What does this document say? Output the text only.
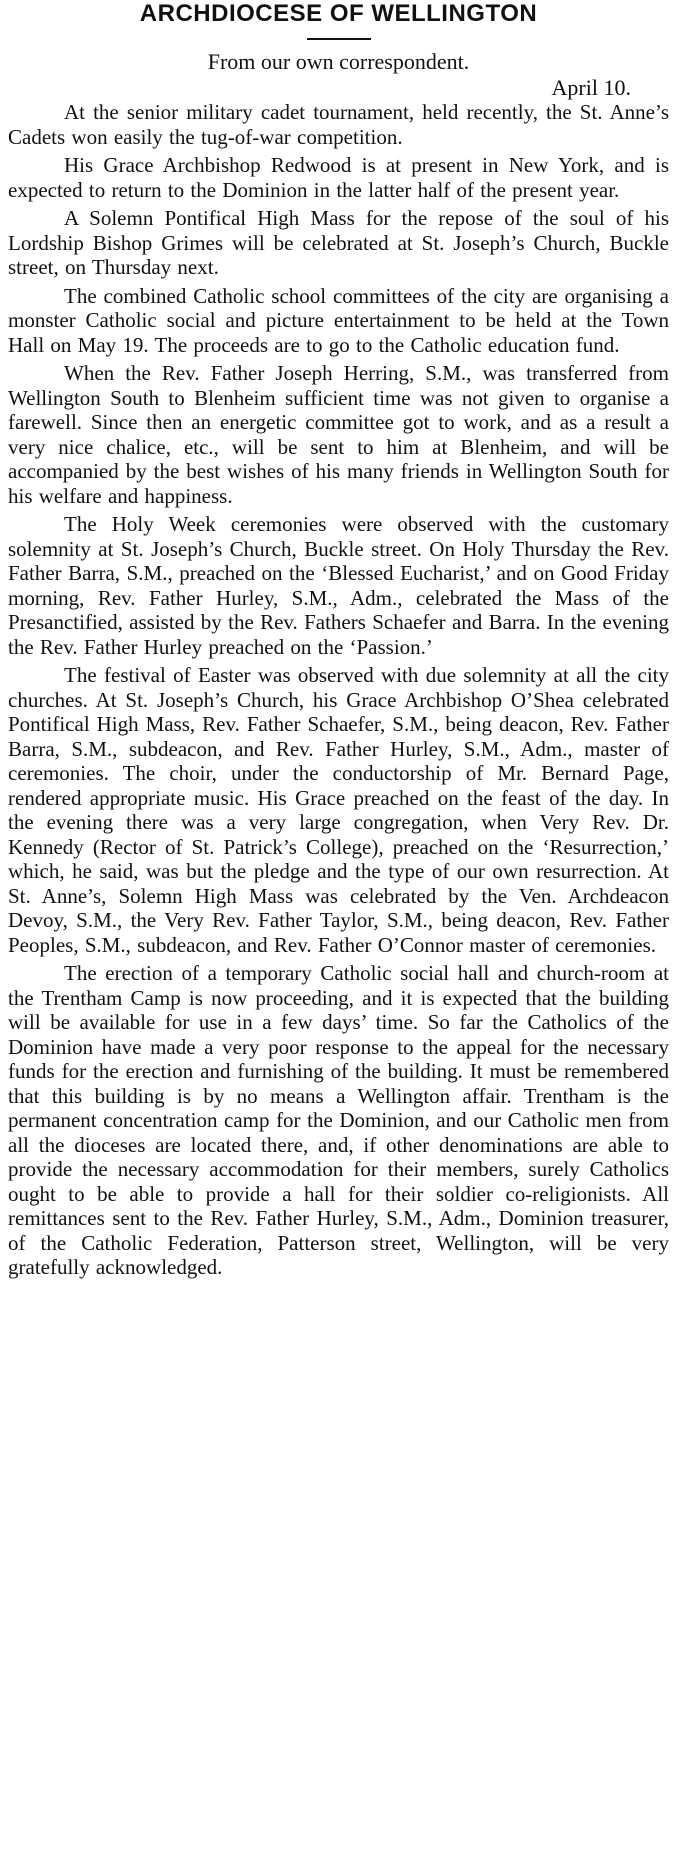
ARCHDIOCESE OF WELLINGTON
From our own correspondent.
April 10.

At the senior military cadet tournament, held recently, the St. Anne’s Cadets won easily the tug-of-war competition.

His Grace Archbishop Redwood is at present in New York, and is expected to return to the Dominion in the latter half of the present year.

A Solemn Pontifical High Mass for the repose of the soul of his Lordship Bishop Grimes will be celebrated at St. Joseph’s Church, Buckle street, on Thursday next.

The combined Catholic school committees of the city are organising a monster Catholic social and picture entertainment to be held at the Town Hall on May 19. The proceeds are to go to the Catholic education fund.

When the Rev. Father Joseph Herring, S.M., was transferred from Wellington South to Blenheim sufficient time was not given to organise a farewell. Since then an energetic committee got to work, and as a result a very nice chalice, etc., will be sent to him at Blenheim, and will be accompanied by the best wishes of his many friends in Wellington South for his welfare and happiness.

The Holy Week ceremonies were observed with the customary solemnity at St. Joseph’s Church, Buckle street. On Holy Thursday the Rev. Father Barra, S.M., preached on the ‘Blessed Eucharist,’ and on Good Friday morning, Rev. Father Hurley, S.M., Adm., celebrated the Mass of the Presanctified, assisted by the Rev. Fathers Schaefer and Barra. In the evening the Rev. Father Hurley preached on the ‘Passion.’

The festival of Easter was observed with due solemnity at all the city churches. At St. Joseph’s Church, his Grace Archbishop O’Shea celebrated Pontifical High Mass, Rev. Father Schaefer, S.M., being deacon, Rev. Father Barra, S.M., subdeacon, and Rev. Father Hurley, S.M., Adm., master of ceremonies. The choir, under the conductorship of Mr. Bernard Page, rendered appropriate music. His Grace preached on the feast of the day. In the evening there was a very large congregation, when Very Rev. Dr. Kennedy (Rector of St. Patrick’s College), preached on the ‘Resurrection,’ which, he said, was but the pledge and the type of our own resurrection. At St. Anne’s, Solemn High Mass was celebrated by the Ven. Archdeacon Devoy, S.M., the Very Rev. Father Taylor, S.M., being deacon, Rev. Father Peoples, S.M., subdeacon, and Rev. Father O’Connor master of ceremonies.

The erection of a temporary Catholic social hall and church-room at the Trentham Camp is now proceeding, and it is expected that the building will be available for use in a few days’ time. So far the Catholics of the Dominion have made a very poor response to the appeal for the necessary funds for the erection and furnishing of the building. It must be remembered that this building is by no means a Wellington affair. Trentham is the permanent concentration camp for the Dominion, and our Catholic men from all the dioceses are located there, and, if other denominations are able to provide the necessary accommodation for their members, surely Catholics ought to be able to provide a hall for their soldier co-religionists. All remittances sent to the Rev. Father Hurley, S.M., Adm., Dominion treasurer, of the Catholic Federation, Patterson street, Wellington, will be very gratefully acknowledged.
